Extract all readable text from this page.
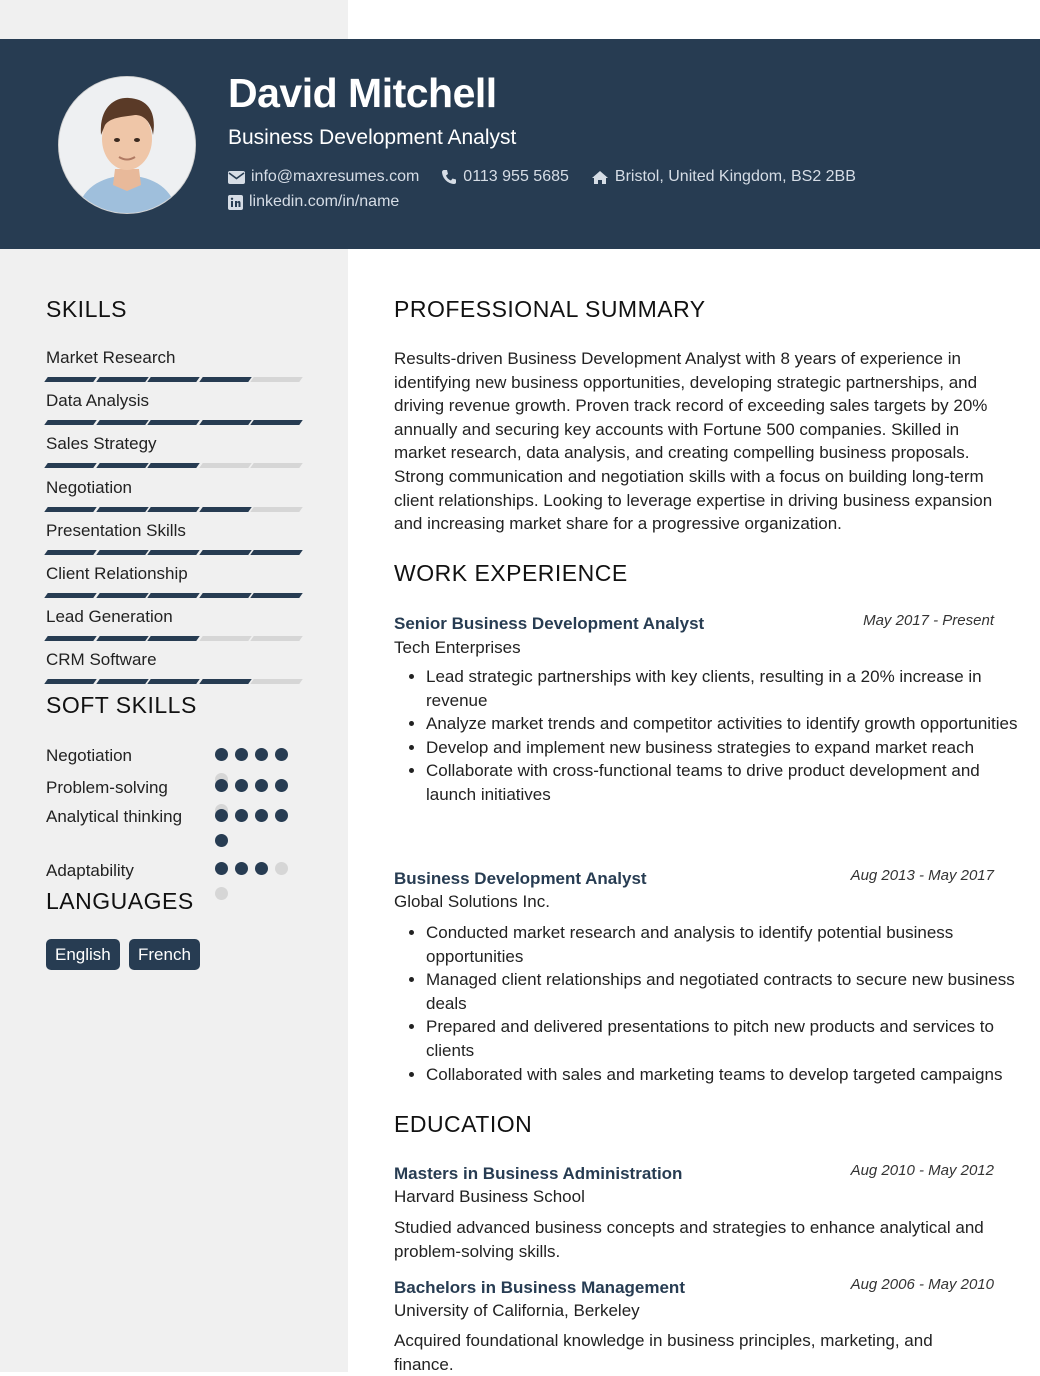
David Mitchell
Business Development Analyst
info@maxresumes.com	0113 955 5685	Bristol, United Kingdom, BS2 2BB
linkedin.com/in/name
SKILLS
Market Research
Data Analysis
Sales Strategy
Negotiation
Presentation Skills
Client Relationship
Lead Generation
CRM Software
SOFT SKILLS
Negotiation
Problem-solving
Analytical thinking
Adaptability
LANGUAGES
English	French
PROFESSIONAL SUMMARY
Results-driven Business Development Analyst with 8 years of experience in identifying new business opportunities, developing strategic partnerships, and driving revenue growth. Proven track record of exceeding sales targets by 20% annually and securing key accounts with Fortune 500 companies. Skilled in market research, data analysis, and creating compelling business proposals. Strong communication and negotiation skills with a focus on building long-term client relationships. Looking to leverage expertise in driving business expansion and increasing market share for a progressive organization.
WORK EXPERIENCE
Senior Business Development Analyst	May 2017 - Present
Tech Enterprises
• Lead strategic partnerships with key clients, resulting in a 20% increase in revenue
• Analyze market trends and competitor activities to identify growth opportunities
• Develop and implement new business strategies to expand market reach
• Collaborate with cross-functional teams to drive product development and launch initiatives
Business Development Analyst	Aug 2013 - May 2017
Global Solutions Inc.
• Conducted market research and analysis to identify potential business opportunities
• Managed client relationships and negotiated contracts to secure new business deals
• Prepared and delivered presentations to pitch new products and services to clients
• Collaborated with sales and marketing teams to develop targeted campaigns
EDUCATION
Masters in Business Administration	Aug 2010 - May 2012
Harvard Business School
Studied advanced business concepts and strategies to enhance analytical and problem-solving skills.
Bachelors in Business Management	Aug 2006 - May 2010
University of California, Berkeley
Acquired foundational knowledge in business principles, marketing, and finance.
